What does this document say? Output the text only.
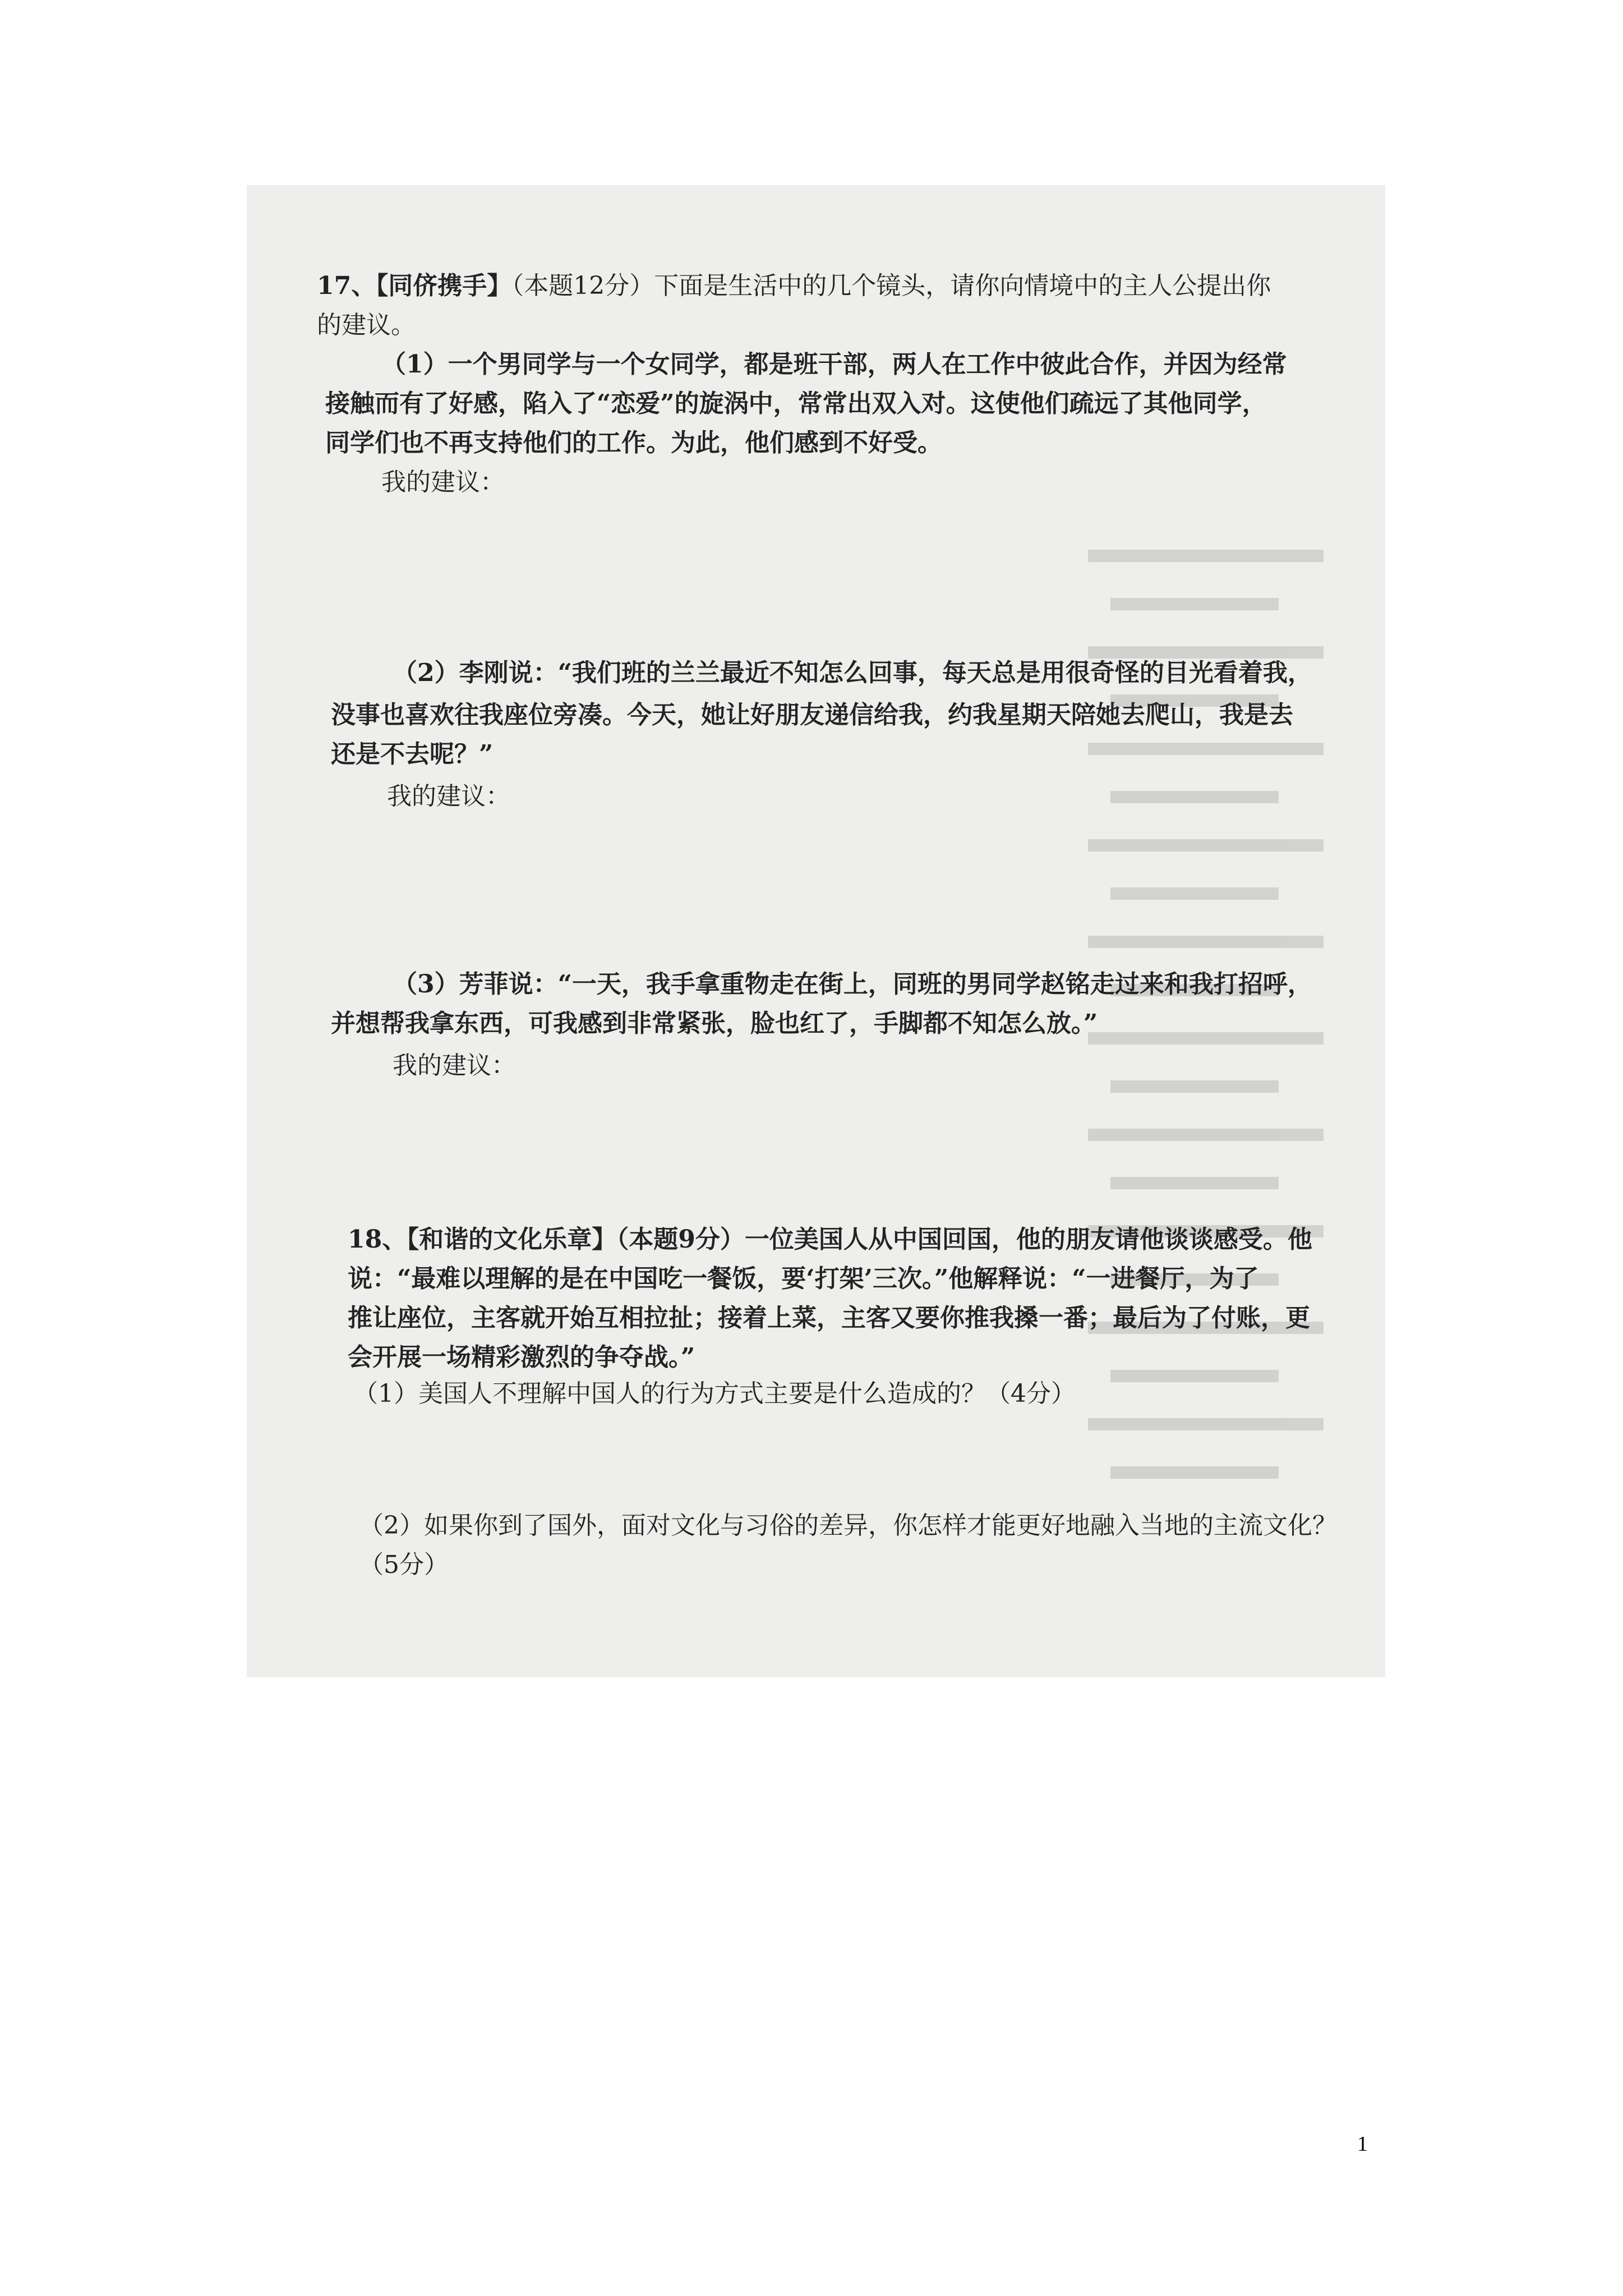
17、【同侪携手】（本题12分）下面是生活中的几个镜头，请你向情境中的主人公提出你
的建议。
（1）一个男同学与一个女同学，都是班干部，两人在工作中彼此合作，并因为经常
接触而有了好感，陷入了“恋爱”的旋涡中，常常出双入对。这使他们疏远了其他同学，
同学们也不再支持他们的工作。为此，他们感到不好受。
我的建议：
（2）李刚说：“我们班的兰兰最近不知怎么回事，每天总是用很奇怪的目光看着我，
没事也喜欢往我座位旁凑。今天，她让好朋友递信给我，约我星期天陪她去爬山，我是去
还是不去呢？”
我的建议：
（3）芳菲说：“一天，我手拿重物走在街上，同班的男同学赵铭走过来和我打招呼，
并想帮我拿东西，可我感到非常紧张，脸也红了，手脚都不知怎么放。”
我的建议：
18、【和谐的文化乐章】（本题9分）一位美国人从中国回国，他的朋友请他谈谈感受。他
说：“最难以理解的是在中国吃一餐饭，要‘打架’三次。”他解释说：“一进餐厅，为了
推让座位，主客就开始互相拉扯；接着上菜，主客又要你推我搡一番；最后为了付账，更
会开展一场精彩激烈的争夺战。”
（1）美国人不理解中国人的行为方式主要是什么造成的？（4分）
（2）如果你到了国外，面对文化与习俗的差异，你怎样才能更好地融入当地的主流文化？
（5分）
1
